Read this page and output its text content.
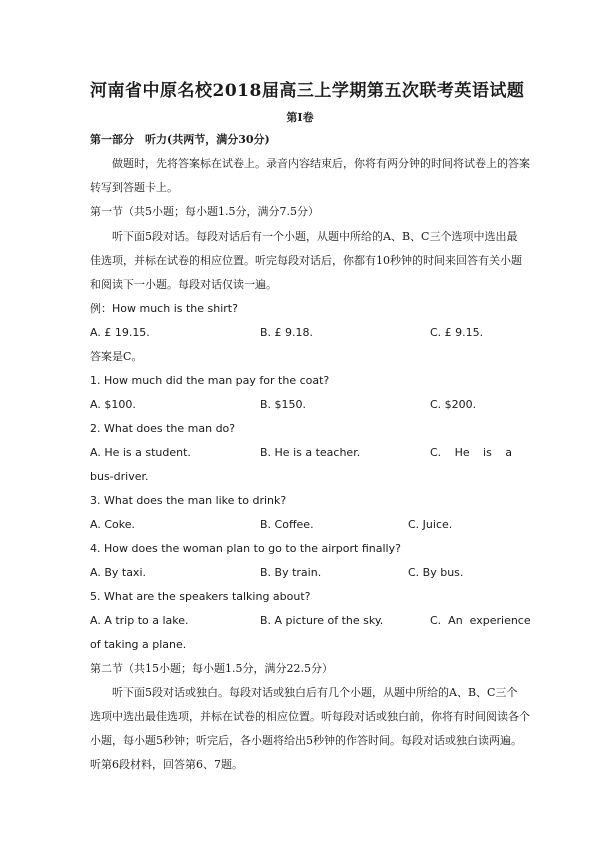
河南省中原名校2018届高三上学期第五次联考英语试题
第I卷
第一部分　听力(共两节，满分30分)
做题时，先将答案标在试卷上。录音内容结束后，你将有两分钟的时间将试卷上的答案
转写到答题卡上。
第一节（共5小题；每小题1.5分，满分7.5分）
听下面5段对话。每段对话后有一个小题，从题中所给的A、B、C三个选项中选出最
佳选项，并标在试卷的相应位置。听完每段对话后，你都有10秒钟的时间来回答有关小题
和阅读下一小题。每段对话仅读一遍。
例：How much is the shirt?
A. £ 19.15.	B. £ 9.18.	C. £ 9.15.
答案是C。
1. How much did the man pay for the coat?
A. $100.	B. $150.	C. $200.
2. What does the man do?
A. He is a student.	B. He is a teacher.	C. He is a
bus-driver.
3. What does the man like to drink?
A. Coke.	B. Coffee.	C. Juice.
4. How does the woman plan to go to the airport finally?
A. By taxi.	B. By train.	C. By bus.
5. What are the speakers talking about?
A. A trip to a lake.	B. A picture of the sky.	C.  An  experience
of taking a plane.
第二节（共15小题；每小题1.5分，满分22.5分）
听下面5段对话或独白。每段对话或独白后有几个小题，从题中所给的A、B、C三个
选项中选出最佳选项，并标在试卷的相应位置。听每段对话或独白前，你将有时间阅读各个
小题，每小题5秒钟；听完后，各小题将给出5秒钟的作答时间。每段对话或独白读两遍。
听第6段材料，回答第6、7题。
